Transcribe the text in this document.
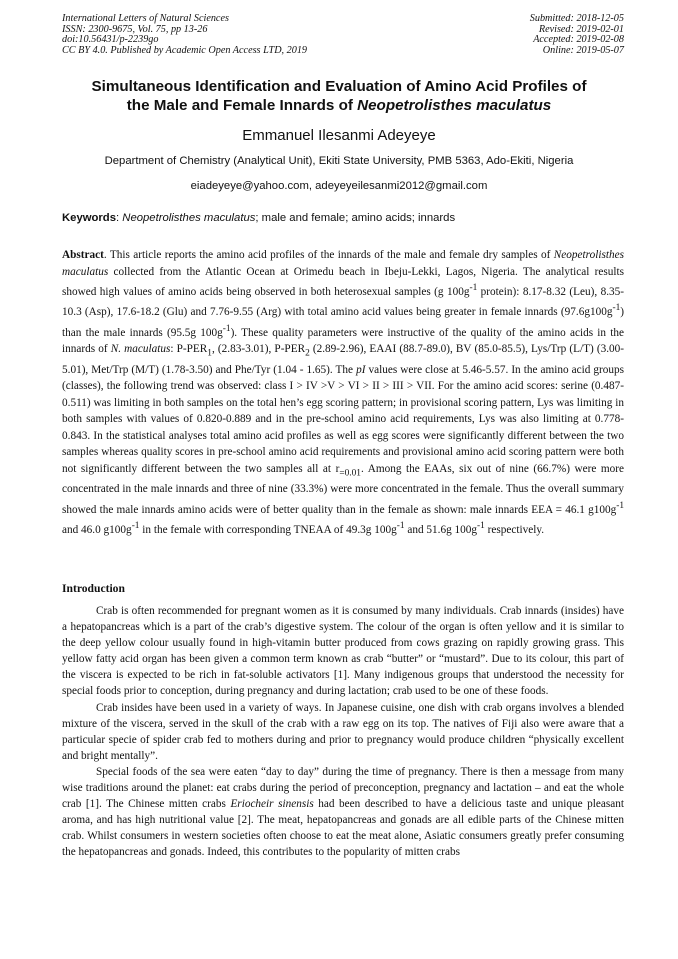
International Letters of Natural Sciences
ISSN: 2300-9675, Vol. 75, pp 13-26
doi:10.56431/p-2239go
CC BY 4.0. Published by Academic Open Access LTD, 2019
Submitted: 2018-12-05
Revised: 2019-02-01
Accepted: 2019-02-08
Online: 2019-05-07
Simultaneous Identification and Evaluation of Amino Acid Profiles of
the Male and Female Innards of Neopetrolisthes maculatus
Emmanuel Ilesanmi Adeyeye
Department of Chemistry (Analytical Unit), Ekiti State University, PMB 5363, Ado-Ekiti, Nigeria
eiadeyeye@yahoo.com, adeyeyeilesanmi2012@gmail.com
Keywords: Neopetrolisthes maculatus; male and female; amino acids; innards
Abstract. This article reports the amino acid profiles of the innards of the male and female dry samples of Neopetrolisthes maculatus collected from the Atlantic Ocean at Orimedu beach in Ibeju-Lekki, Lagos, Nigeria. The analytical results showed high values of amino acids being observed in both heterosexual samples (g $100g^{-1}$ protein): 8.17-8.32 (Leu), 8.35-10.3 (Asp), 17.6-18.2 (Glu) and 7.76-9.55 (Arg) with total amino acid values being greater in female innards $(97.6g100g^{-1})$ than the male innards (95.5g $100g^{-1}$). These quality parameters were instructive of the quality of the amino acids in the innards of N. maculatus: $P-PER_1$, (2.83-3.01), $P-PER_2$ (2.89-2.96), EAAI (88.7-89.0), BV (85.0-85.5), Lys/Trp (L/T) (3.00-5.01), Met/Trp (M/T) (1.78-3.50) and Phe/Tyr (1.04 - 1.65). The pI values were close at 5.46-5.57. In the amino acid groups (classes), the following trend was observed: class I > IV >V > VI > II > III > VII. For the amino acid scores: serine (0.487-0.511) was limiting in both samples on the total hen’s egg scoring pattern; in provisional scoring pattern, Lys was limiting in both samples with values of 0.820-0.889 and in the pre-school amino acid requirements, Lys was also limiting at 0.778-0.843. In the statistical analyses total amino acid profiles as well as egg scores were significantly different between the two samples whereas quality scores in pre-school amino acid requirements and provisional amino acid scoring pattern were both not significantly different between the two samples all at $r_{=0.01}$. Among the EAAs, six out of nine (66.7%) were more concentrated in the male innards and three of nine (33.3%) were more concentrated in the female. Thus the overall summary showed the male innards amino acids were of better quality than in the female as shown: male innards EEA = 46.1 $g100g^{-1}$ and 46.0 $g100g^{-1}$ in the female with corresponding TNEAA of 49.3g $100g^{-1}$ and 51.6g $100g^{-1}$ respectively.
Introduction

Crab is often recommended for pregnant women as it is consumed by many individuals. Crab innards (insides) have a hepatopancreas which is a part of the crab’s digestive system. The colour of the organ is often yellow and it is similar to the deep yellow colour usually found in high-vitamin butter produced from cows grazing on rapidly growing grass. This yellow fatty acid organ has been given a common term known as crab “butter” or “mustard”. Due to its colour, this part of the viscera is expected to be rich in fat-soluble activators [1]. Many indigenous groups that understood the necessity for special foods prior to conception, during pregnancy and during lactation; crab used to be one of these foods.

Crab insides have been used in a variety of ways. In Japanese cuisine, one dish with crab organs involves a blended mixture of the viscera, served in the skull of the crab with a raw egg on its top. The natives of Fiji also were aware that a particular specie of spider crab fed to mothers during and prior to pregnancy would produce children “physically excellent and bright mentally”.

Special foods of the sea were eaten “day to day” during the time of pregnancy. There is then a message from many wise traditions around the planet: eat crabs during the period of preconception, pregnancy and lactation – and eat the whole crab [1]. The Chinese mitten crabs Eriocheir sinensis had been described to have a delicious taste and unique pleasant aroma, and has high nutritional value [2]. The meat, hepatopancreas and gonads are all edible parts of the Chinese mitten crab. Whilst consumers in western societies often choose to eat the meat alone, Asiatic consumers greatly prefer consuming the hepatopancreas and gonads. Indeed, this contributes to the popularity of mitten crabs
